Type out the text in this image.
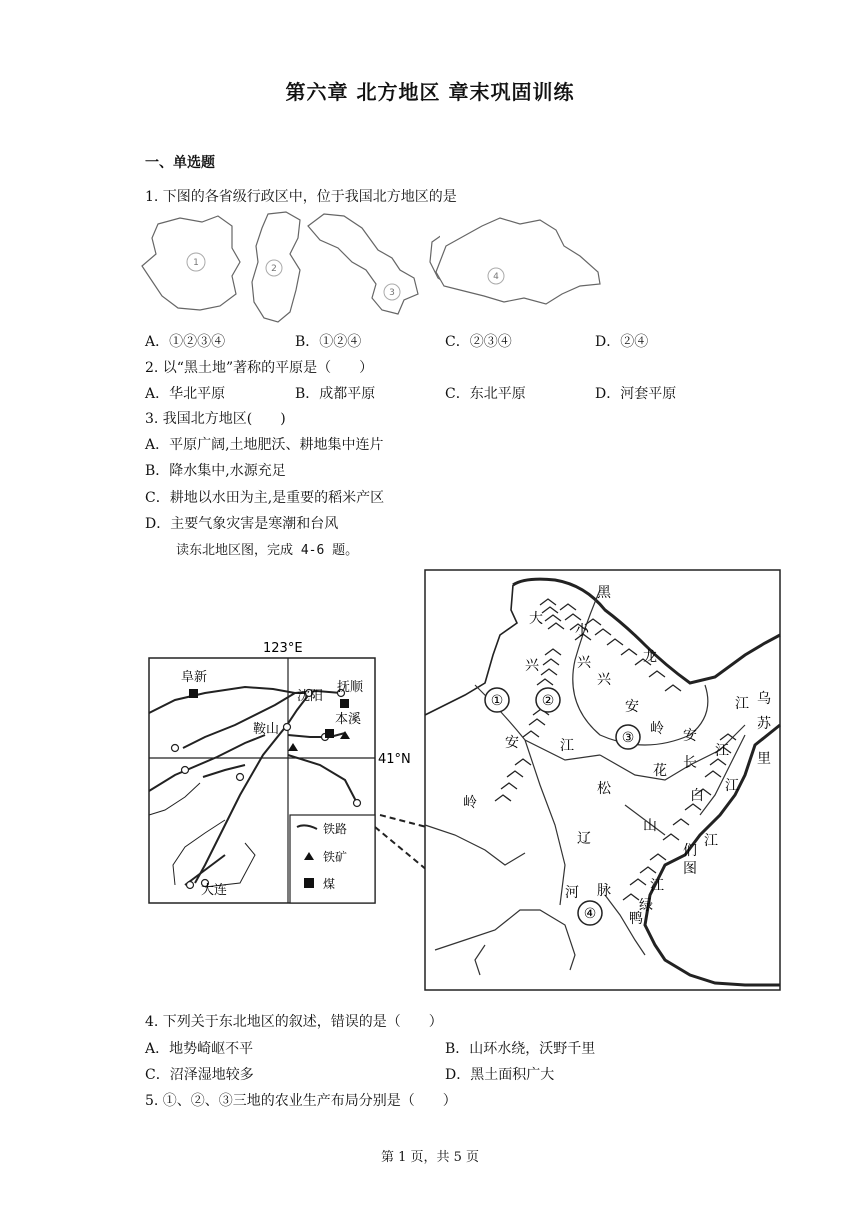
第六章 北方地区 章末巩固训练
一、单选题
1. 下图的各省级行政区中，位于我国北方地区的是
1
2
3
4
A．①②③④	B．①②④	C．②③④	D．②④
2. 以“黑土地”著称的平原是（　　）
A．华北平原	B．成都平原	C．东北平原	D．河套平原
3. 我国北方地区(　　)
A．平原广阔,土地肥沃、耕地集中连片
B．降水集中,水源充足
C．耕地以水田为主,是重要的稻米产区
D．主要气象灾害是寒潮和台风
读东北地区图，完成 4-6 题。
123°E
41°N
阜新
沈阳
抚顺
鞍山
本溪
大连
铁路
铁矿
煤
①	②
③
④
黑
大
小
兴	兴	龙
安
兴
安
江
岭
乌
江
苏
安
长	里
江
岭
花
白
江
松
辽
山
江
河 脉
们
图
江
鸭
绿
4. 下列关于东北地区的叙述，错误的是（　　）
A．地势崎岖不平	B．山环水绕，沃野千里
C．沼泽湿地较多	D．黑土面积广大
5. ①、②、③三地的农业生产布局分别是（　　）
第 1 页，共 5 页
